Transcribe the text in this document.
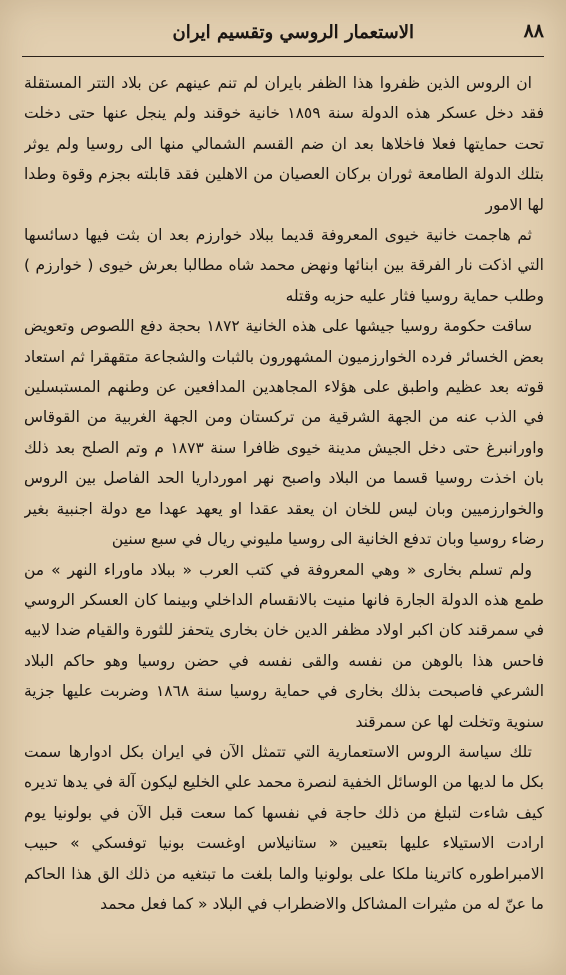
٨٨
الاستعمار الروسي وتقسيم ايران

ان الروس الذين ظفروا هذا الظفر بايران لم تنم عينهم عن بلاد التتر المستقلة فقد دخل عسكر هذه الدولة سنة ١٨٥٩ خانية خوقند ولم ينجل عنها حتى دخلت تحت حمايتها فعلا فاخلاها بعد ان ضم القسم الشمالي منها الى روسيا ولم يوثر بتلك الدولة الطامعة ثوران بركان العصيان من الاهلين فقد قابلته بجزم وقوة وطدا لها الامور

ثم هاجمت خانية خيوى المعروفة قديما ببلاد خوارزم بعد ان بثت فيها دسائسها التي اذكت نار الفرقة بين ابنائها ونهض محمد شاه مطالبا بعرش خيوى ( خوارزم ) وطلب حماية روسيا فثار عليه حزبه وقتله

ساقت حكومة روسيا جيشها على هذه الخانية ١٨٧٢ بحجة دفع اللصوص وتعويض بعض الخسائر فرده الخوارزميون المشهورون بالثبات والشجاعة متقهقرا ثم استعاد قوته بعد عظيم واطبق على هؤلاء المجاهدين المدافعين عن وطنهم المستبسلين في الذب عنه من الجهة الشرقية من تركستان ومن الجهة الغربية من القوقاس واورانبرغ حتى دخل الجيش مدينة خيوى ظافرا سنة ١٨٧٣ م وتم الصلح بعد ذلك بان اخذت روسيا قسما من البلاد واصبح نهر امورداريا الحد الفاصل بين الروس والخوارزميين وبان ليس للخان ان يعقد عقدا او يعهد عهدا مع دولة اجنبية بغير رضاء روسيا وبان تدفع الخانية الى روسيا مليوني ريال في سبع سنين

ولم تسلم بخارى « وهي المعروفة في كتب العرب « ببلاد ماوراء النهر » من طمع هذه الدولة الجارة فانها منيت بالانقسام الداخلي وبينما كان العسكر الروسي في سمرقند كان اكبر اولاد مظفر الدين خان بخارى يتحفز للثورة والقيام ضدا لابيه فاحس هذا بالوهن من نفسه والقى نفسه في حضن روسيا وهو حاكم البلاد الشرعي فاصبحت بذلك بخارى في حماية روسيا سنة ١٨٦٨ وضربت عليها جزية سنوية وتخلت لها عن سمرقند

تلك سياسة الروس الاستعمارية التي تتمثل الآن في ايران بكل ادوارها سمت بكل ما لديها من الوسائل الخفية لنصرة محمد علي الخليع ليكون آلة في يدها تديره كيف شاءت لتبلغ من ذلك حاجة في نفسها كما سعت قبل الآن في بولونيا يوم ارادت الاستيلاء عليها بتعيين « ستانيلاس اوغست بونيا توفسكي » حبيب الامبراطوره كاترينا ملكا على بولونيا والما بلغت ما تبتغيه من ذلك الق هذا الحاكم ما عنّ له من مثيرات المشاكل والاضطراب في البلاد « كما فعل محمد
